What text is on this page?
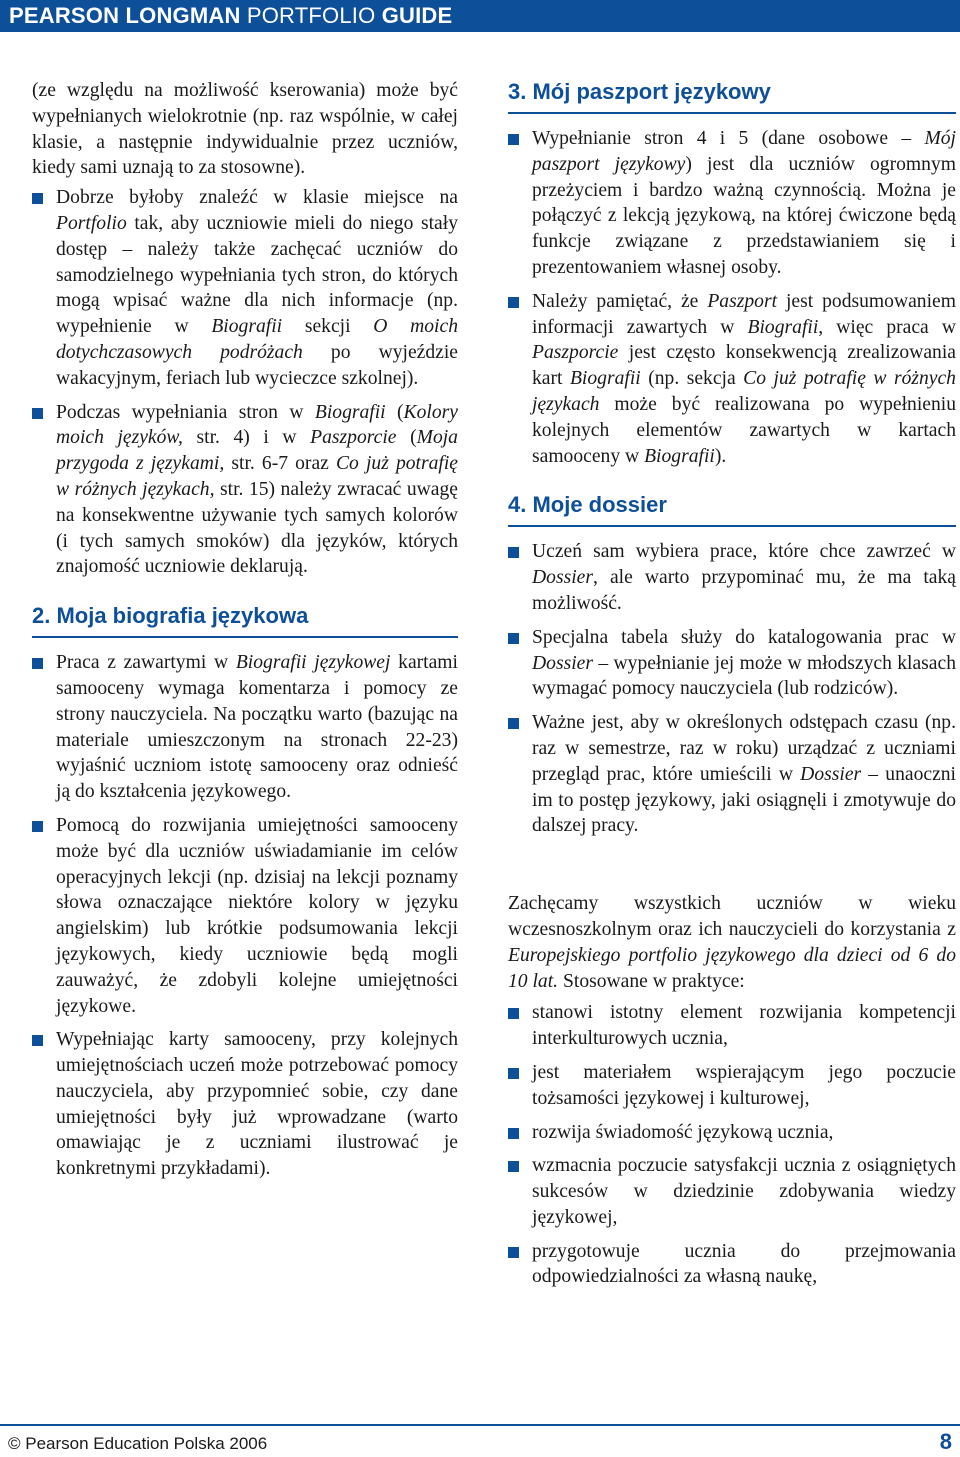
PEARSON LONGMAN PORTFOLIO GUIDE

(ze względu na możliwość kserowania) może być wypełnianych wielokrotnie (np. raz wspólnie, w całej klasie, a następnie indywidualnie przez uczniów, kiedy sami uznają to za stosowne).

Dobrze byłoby znaleźć w klasie miejsce na Portfolio tak, aby uczniowie mieli do niego stały dostęp – należy także zachęcać uczniów do samodzielnego wypełniania tych stron, do których mogą wpisać ważne dla nich informacje (np. wypełnienie w Biografii sekcji O moich dotychczasowych podróżach po wyjeździe wakacyjnym, feriach lub wycieczce szkolnej).
Podczas wypełniania stron w Biografii (Kolory moich języków, str. 4) i w Paszporcie (Moja przygoda z językami, str. 6-7 oraz Co już potrafię w różnych językach, str. 15) należy zwracać uwagę na konsekwentne używanie tych samych kolorów (i tych samych smoków) dla języków, których znajomość uczniowie deklarują.
2. Moja biografia językowa
Praca z zawartymi w Biografii językowej kartami samooceny wymaga komentarza i pomocy ze strony nauczyciela. Na początku warto (bazując na materiale umieszczonym na stronach 22-23) wyjaśnić uczniom istotę samooceny oraz odnieść ją do kształcenia językowego.
Pomocą do rozwijania umiejętności samooceny może być dla uczniów uświadamianie im celów operacyjnych lekcji (np. dzisiaj na lekcji poznamy słowa oznaczające niektóre kolory w języku angielskim) lub krótkie podsumowania lekcji językowych, kiedy uczniowie będą mogli zauważyć, że zdobyli kolejne umiejętności językowe.
Wypełniając karty samooceny, przy kolejnych umiejętnościach uczeń może potrzebować pomocy nauczyciela, aby przypomnieć sobie, czy dane umiejętności były już wprowadzane (warto omawiając je z uczniami ilustrować je konkretnymi przykładami).
3. Mój paszport językowy
Wypełnianie stron 4 i 5 (dane osobowe – Mój paszport językowy) jest dla uczniów ogromnym przeżyciem i bardzo ważną czynnością. Można je połączyć z lekcją językową, na której ćwiczone będą funkcje związane z przedstawianiem się i prezentowaniem własnej osoby.
Należy pamiętać, że Paszport jest podsumowaniem informacji zawartych w Biografii, więc praca w Paszporcie jest często konsekwencją zrealizowania kart Biografii (np. sekcja Co już potrafię w różnych językach może być realizowana po wypełnieniu kolejnych elementów zawartych w kartach samooceny w Biografii).
4. Moje dossier
Uczeń sam wybiera prace, które chce zawrzeć w Dossier, ale warto przypominać mu, że ma taką możliwość.
Specjalna tabela służy do katalogowania prac w Dossier – wypełnianie jej może w młodszych klasach wymagać pomocy nauczyciela (lub rodziców).
Ważne jest, aby w określonych odstępach czasu (np. raz w semestrze, raz w roku) urządzać z uczniami przegląd prac, które umieścili w Dossier – unaoczni im to postęp językowy, jaki osiągnęli i zmotywuje do dalszej pracy.

Zachęcamy wszystkich uczniów w wieku wczesnoszkolnym oraz ich nauczycieli do korzystania z Europejskiego portfolio językowego dla dzieci od 6 do 10 lat. Stosowane w praktyce:

stanowi istotny element rozwijania kompetencji interkulturowych ucznia,
jest materiałem wspierającym jego poczucie tożsamości językowej i kulturowej,
rozwija świadomość językową ucznia,
wzmacnia poczucie satysfakcji ucznia z osiągniętych sukcesów w dziedzinie zdobywania wiedzy językowej,
przygotowuje ucznia do przejmowania odpowiedzialności za własną naukę,
© Pearson Education Polska 2006	8
